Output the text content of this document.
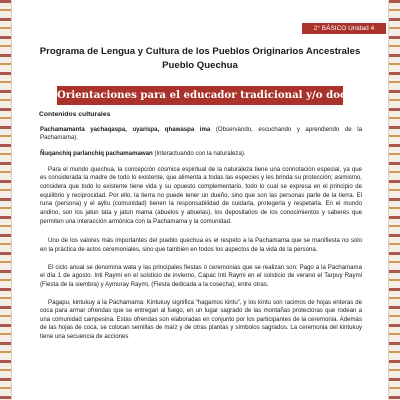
2° BÁSICO Unidad 4
Programa de Lengua y Cultura de los Pueblos Originarios Ancestrales
Pueblo Quechua
Orientaciones para el educador tradicional y/o docente

Contenidos culturales

Pachamamanta yachaqaspa, uyarispa, qhawaspa ima (Observando, escuchando y aprendiendo de la Pachamama).

Ñuqanchiq parlanchiq pachamamawan (Interactuando con la naturaleza).

Para el mundo quechua, la concepción cósmica espiritual de la naturaleza tiene una connotación especial, ya que es considerada la madre de todo lo existente, que alimenta a todas las especies y les brinda su protección; asimismo, considera que todo lo existente tiene vida y su opuesto complementario, todo lo cual se expresa en el principio de equilibrio y reciprocidad. Por ello, la tierra no puede tener un dueño, sino que son las personas parte de la tierra. El runa (persona) y el ayllu (comunidad) tienen la responsabilidad de cuidarla, protegerla y respetarla. En el mundo andino, son los jatun tata y jatun mama (abuelos y abuelas), los depositarios de los conocimientos y saberes que permiten una interacción armónica con la Pachamama y la comunidad.

Uno de los valores más importantes del pueblo quechua es el respeto a la Pachamama que se manifiesta no solo en la práctica de actos ceremoniales, sino que también en todos los aspectos de la vida de la persona.

El ciclo anual se denomina wata y las principales fiestas o ceremonias que se realizan son: Pago a la Pachamama el día 1 de agosto. Inti Raymi en el solsticio de invierno, Capac Inti Raymi en el solsticio de verano el Tarpuy Raymi (Fiesta de la siembra) y Aymuray Raymi, (Fiesta dedicada a la cosecha), entre otras.

Pagapu, kintukuy a la Pachamama: Kintukuy significa “hagamos kintu”, y los kintu son racimos de hojas enteras de coca para armar ofrendas que se entregan al fuego, en un lugar sagrado de las montañas protectoras que rodean a una comunidad campesina. Estas ofrendas son elaboradas en conjunto por los participantes de la ceremonia. Además de las hojas de coca, se colocan semillas de maíz y de otras plantas y símbolos sagrados. La ceremonia del kintukuy tiene una secuencia de acciones
